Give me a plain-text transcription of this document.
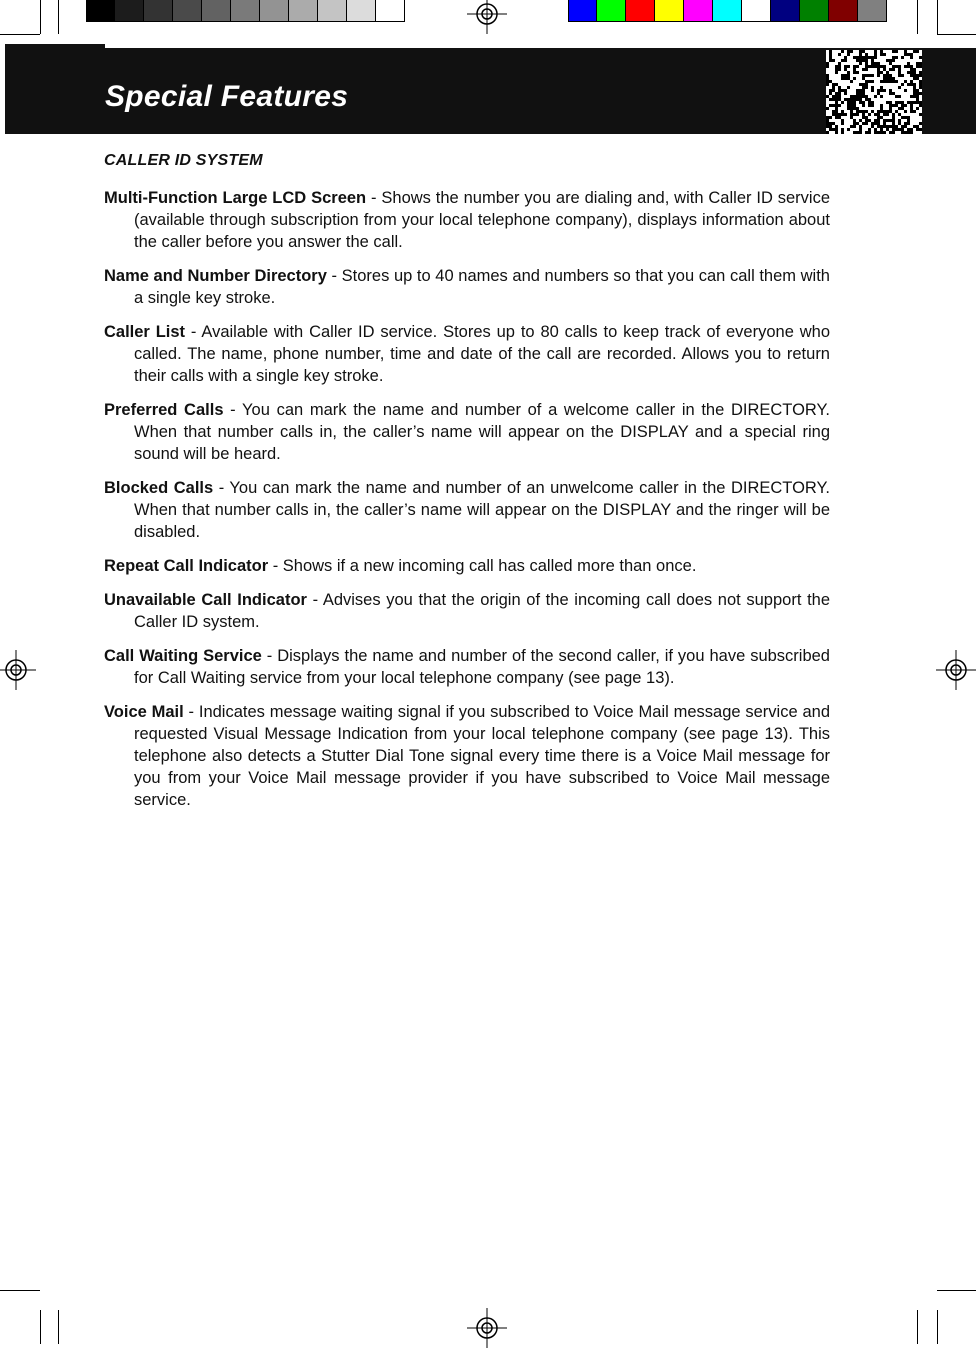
Special Features
CALLER ID SYSTEM

Multi-Function Large LCD Screen - Shows the number you are dialing and, with Caller ID service (available through subscription from your local telephone company), displays information about the caller before you answer the call.

Name and Number Directory - Stores up to 40 names and numbers so that you can call them with a single key stroke.

Caller List - Available with Caller ID service. Stores up to 80 calls to keep track of everyone who called. The name, phone number, time and date of the call are recorded. Allows you to return their calls with a single key stroke.

Preferred Calls - You can mark the name and number of a welcome caller in the DIRECTORY. When that number calls in, the caller’s name will appear on the DISPLAY and a special ring sound will be heard.

Blocked Calls - You can mark the name and number of an unwelcome caller in the DIRECTORY. When that number calls in, the caller’s name will appear on the DISPLAY and the ringer will be disabled.

Repeat Call Indicator - Shows if a new incoming call has called more than once.

Unavailable Call Indicator - Advises you that the origin of the incoming call does not support the Caller ID system.

Call Waiting Service - Displays the name and number of the second caller, if you have subscribed for Call Waiting service from your local telephone company (see page 13).

Voice Mail - Indicates message waiting signal if you subscribed to Voice Mail message service and requested Visual Message Indication from your local telephone company (see page 13). This telephone also detects a Stutter Dial Tone signal every time there is a Voice Mail message for you from your Voice Mail message provider if you have subscribed to Voice Mail message service.
